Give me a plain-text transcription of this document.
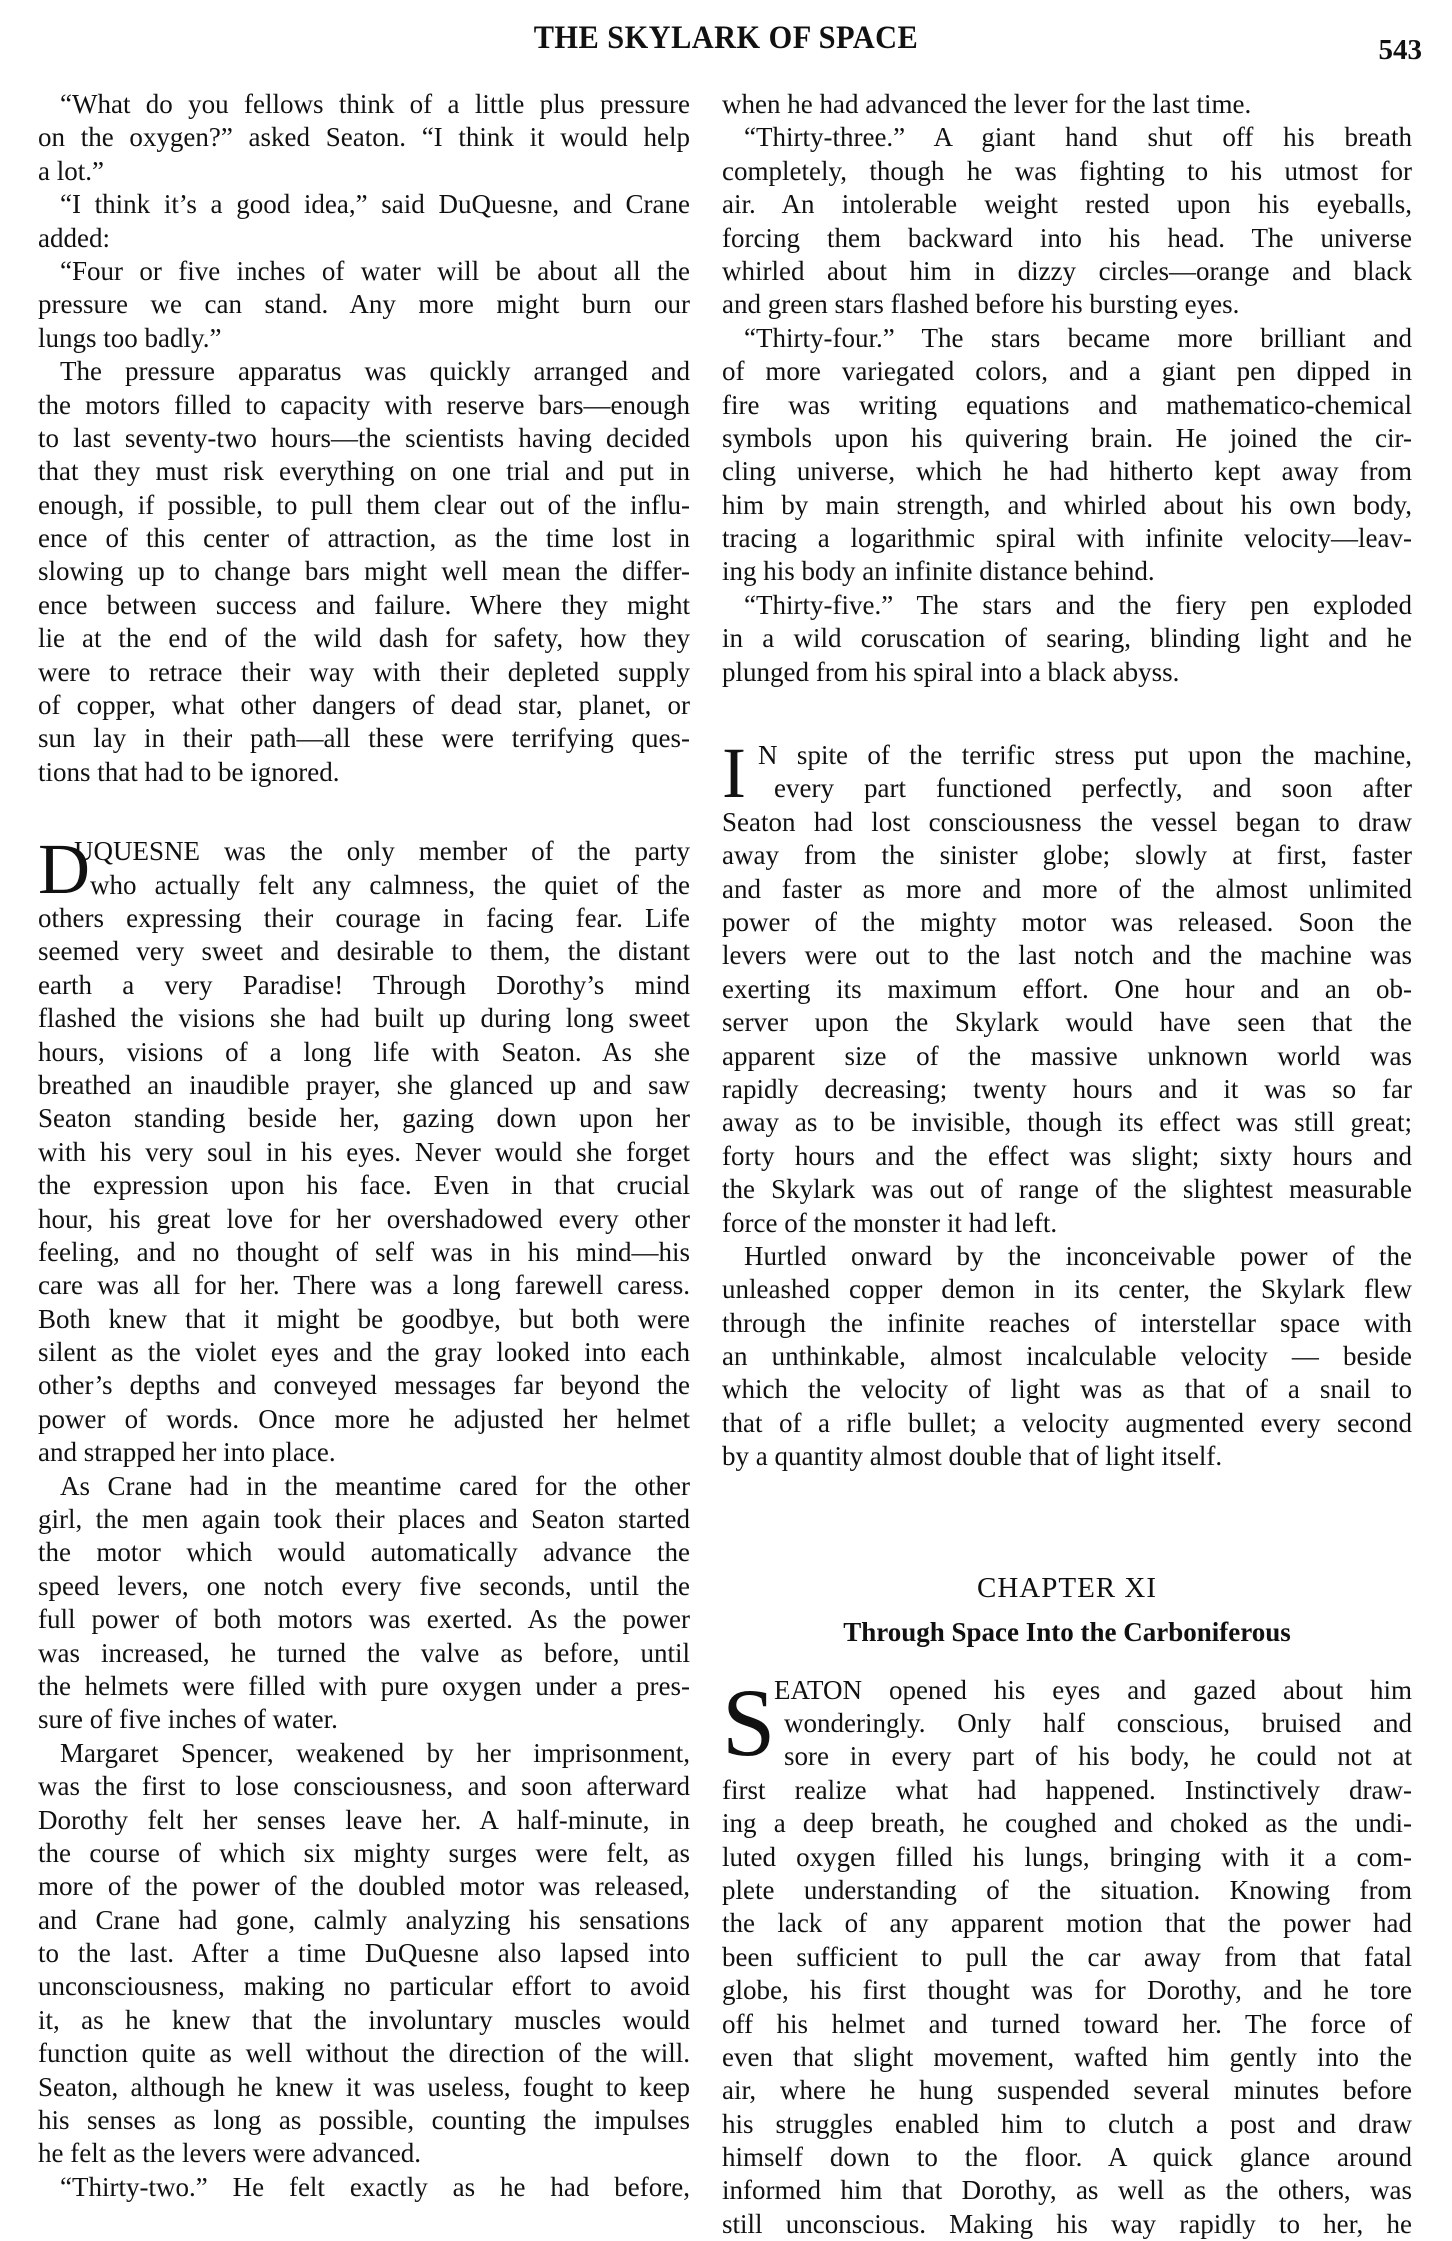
THE SKYLARK OF SPACE	543
“What do you fellows think of a little plus pressure
on the oxygen?” asked Seaton. “I think it would help
a lot.”
“I think it’s a good idea,” said DuQuesne, and Crane
added:
“Four or five inches of water will be about all the
pressure we can stand. Any more might burn our
lungs too badly.”
The pressure apparatus was quickly arranged and
the motors filled to capacity with reserve bars—enough
to last seventy-two hours—the scientists having decided
that they must risk everything on one trial and put in
enough, if possible, to pull them clear out of the influ-
ence of this center of attraction, as the time lost in
slowing up to change bars might well mean the differ-
ence between success and failure. Where they might
lie at the end of the wild dash for safety, how they
were to retrace their way with their depleted supply
of copper, what other dangers of dead star, planet, or
sun lay in their path—all these were terrifying ques-
tions that had to be ignored.
D
UQUESNE was the only member of the party
who actually felt any calmness, the quiet of the
others expressing their courage in facing fear. Life
seemed very sweet and desirable to them, the distant
earth a very Paradise! Through Dorothy’s mind
flashed the visions she had built up during long sweet
hours, visions of a long life with Seaton. As she
breathed an inaudible prayer, she glanced up and saw
Seaton standing beside her, gazing down upon her
with his very soul in his eyes. Never would she forget
the expression upon his face. Even in that crucial
hour, his great love for her overshadowed every other
feeling, and no thought of self was in his mind—his
care was all for her. There was a long farewell caress.
Both knew that it might be goodbye, but both were
silent as the violet eyes and the gray looked into each
other’s depths and conveyed messages far beyond the
power of words. Once more he adjusted her helmet
and strapped her into place.
As Crane had in the meantime cared for the other
girl, the men again took their places and Seaton started
the motor which would automatically advance the
speed levers, one notch every five seconds, until the
full power of both motors was exerted. As the power
was increased, he turned the valve as before, until
the helmets were filled with pure oxygen under a pres-
sure of five inches of water.
Margaret Spencer, weakened by her imprisonment,
was the first to lose consciousness, and soon afterward
Dorothy felt her senses leave her. A half-minute, in
the course of which six mighty surges were felt, as
more of the power of the doubled motor was released,
and Crane had gone, calmly analyzing his sensations
to the last. After a time DuQuesne also lapsed into
unconsciousness, making no particular effort to avoid
it, as he knew that the involuntary muscles would
function quite as well without the direction of the will.
Seaton, although he knew it was useless, fought to keep
his senses as long as possible, counting the impulses
he felt as the levers were advanced.
“Thirty-two.” He felt exactly as he had before,
when he had advanced the lever for the last time.
“Thirty-three.” A giant hand shut off his breath
completely, though he was fighting to his utmost for
air. An intolerable weight rested upon his eyeballs,
forcing them backward into his head. The universe
whirled about him in dizzy circles—orange and black
and green stars flashed before his bursting eyes.
“Thirty-four.” The stars became more brilliant and
of more variegated colors, and a giant pen dipped in
fire was writing equations and mathematico-chemical
symbols upon his quivering brain. He joined the cir-
cling universe, which he had hitherto kept away from
him by main strength, and whirled about his own body,
tracing a logarithmic spiral with infinite velocity—leav-
ing his body an infinite distance behind.
“Thirty-five.” The stars and the fiery pen exploded
in a wild coruscation of searing, blinding light and he
plunged from his spiral into a black abyss.
I N spite of the terrific stress put upon the machine,
every part functioned perfectly, and soon after
Seaton had lost consciousness the vessel began to draw
away from the sinister globe; slowly at first, faster
and faster as more and more of the almost unlimited
power of the mighty motor was released. Soon the
levers were out to the last notch and the machine was
exerting its maximum effort. One hour and an ob-
server upon the Skylark would have seen that the
apparent size of the massive unknown world was
rapidly decreasing; twenty hours and it was so far
away as to be invisible, though its effect was still great;
forty hours and the effect was slight; sixty hours and
the Skylark was out of range of the slightest measurable
force of the monster it had left.
Hurtled onward by the inconceivable power of the
unleashed copper demon in its center, the Skylark flew
through the infinite reaches of interstellar space with
an unthinkable, almost incalculable velocity — beside
which the velocity of light was as that of a snail to
that of a rifle bullet; a velocity augmented every second
by a quantity almost double that of light itself.
CHAPTER XI
Through Space Into the Carboniferous
S
EATON opened his eyes and gazed about him
wonderingly. Only half conscious, bruised and
sore in every part of his body, he could not at
first realize what had happened. Instinctively draw-
ing a deep breath, he coughed and choked as the undi-
luted oxygen filled his lungs, bringing with it a com-
plete understanding of the situation. Knowing from
the lack of any apparent motion that the power had
been sufficient to pull the car away from that fatal
globe, his first thought was for Dorothy, and he tore
off his helmet and turned toward her. The force of
even that slight movement, wafted him gently into the
air, where he hung suspended several minutes before
his struggles enabled him to clutch a post and draw
himself down to the floor. A quick glance around
informed him that Dorothy, as well as the others, was
still unconscious. Making his way rapidly to her, he
